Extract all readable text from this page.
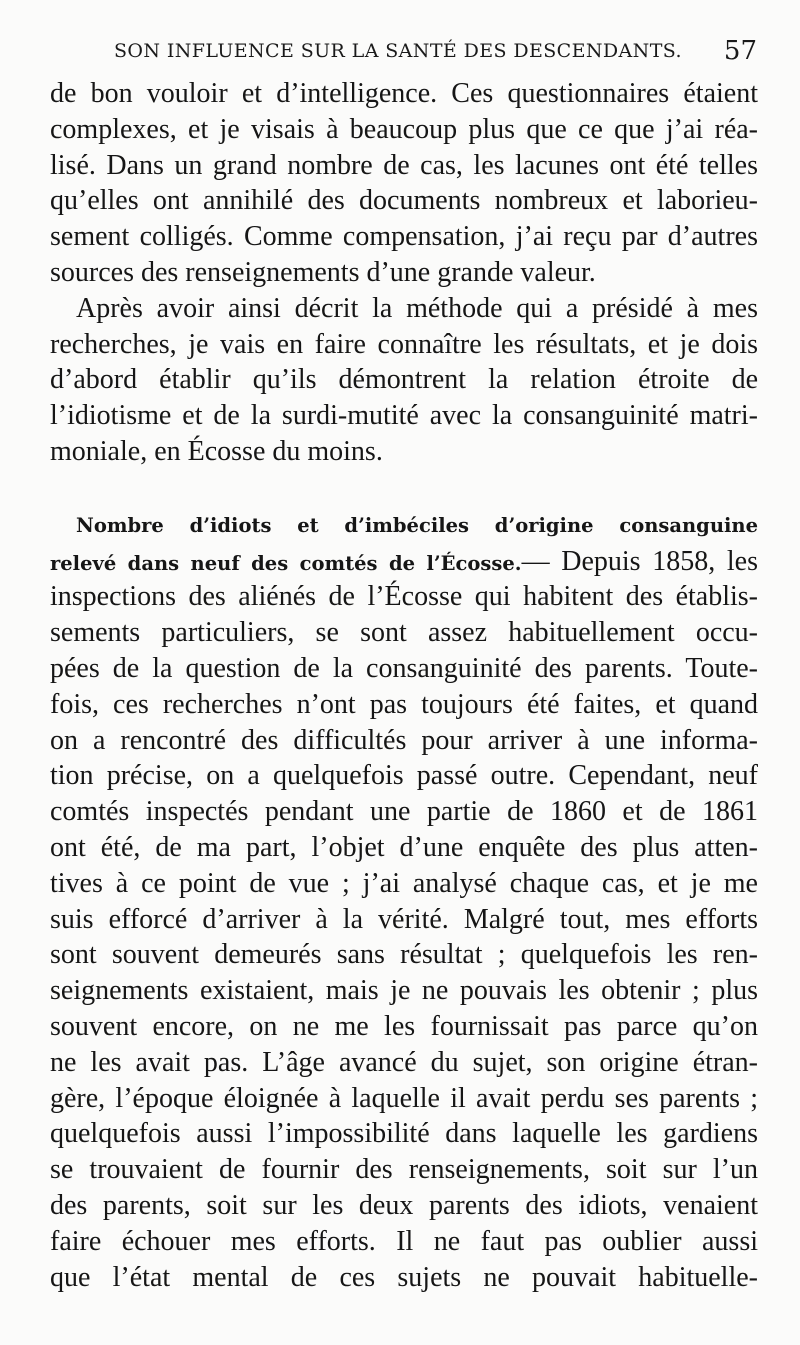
SON INFLUENCE SUR LA SANTÉ DES DESCENDANTS. 57
de bon vouloir et d’intelligence. Ces questionnaires étaient
complexes, et je visais à beaucoup plus que ce que j’ai réa-
lisé. Dans un grand nombre de cas, les lacunes ont été telles
qu’elles ont annihilé des documents nombreux et laborieu-
sement colligés. Comme compensation, j’ai reçu par d’autres
sources des renseignements d’une grande valeur.
Après avoir ainsi décrit la méthode qui a présidé à mes
recherches, je vais en faire connaître les résultats, et je dois
d’abord établir qu’ils démontrent la relation étroite de
l’idiotisme et de la surdi-mutité avec la consanguinité matri-
moniale, en Écosse du moins.
Nombre d’idiots et d’imbéciles d’origine consanguine
relevé dans neuf des comtés de l’Écosse.— Depuis 1858, les
inspections des aliénés de l’Écosse qui habitent des établis-
sements particuliers, se sont assez habituellement occu-
pées de la question de la consanguinité des parents. Toute-
fois, ces recherches n’ont pas toujours été faites, et quand
on a rencontré des difficultés pour arriver à une informa-
tion précise, on a quelquefois passé outre. Cependant, neuf
comtés inspectés pendant une partie de 1860 et de 1861
ont été, de ma part, l’objet d’une enquête des plus atten-
tives à ce point de vue ; j’ai analysé chaque cas, et je me
suis efforcé d’arriver à la vérité. Malgré tout, mes efforts
sont souvent demeurés sans résultat ; quelquefois les ren-
seignements existaient, mais je ne pouvais les obtenir ; plus
souvent encore, on ne me les fournissait pas parce qu’on
ne les avait pas. L’âge avancé du sujet, son origine étran-
gère, l’époque éloignée à laquelle il avait perdu ses parents ;
quelquefois aussi l’impossibilité dans laquelle les gardiens
se trouvaient de fournir des renseignements, soit sur l’un
des parents, soit sur les deux parents des idiots, venaient
faire échouer mes efforts. Il ne faut pas oublier aussi
que l’état mental de ces sujets ne pouvait habituelle-
